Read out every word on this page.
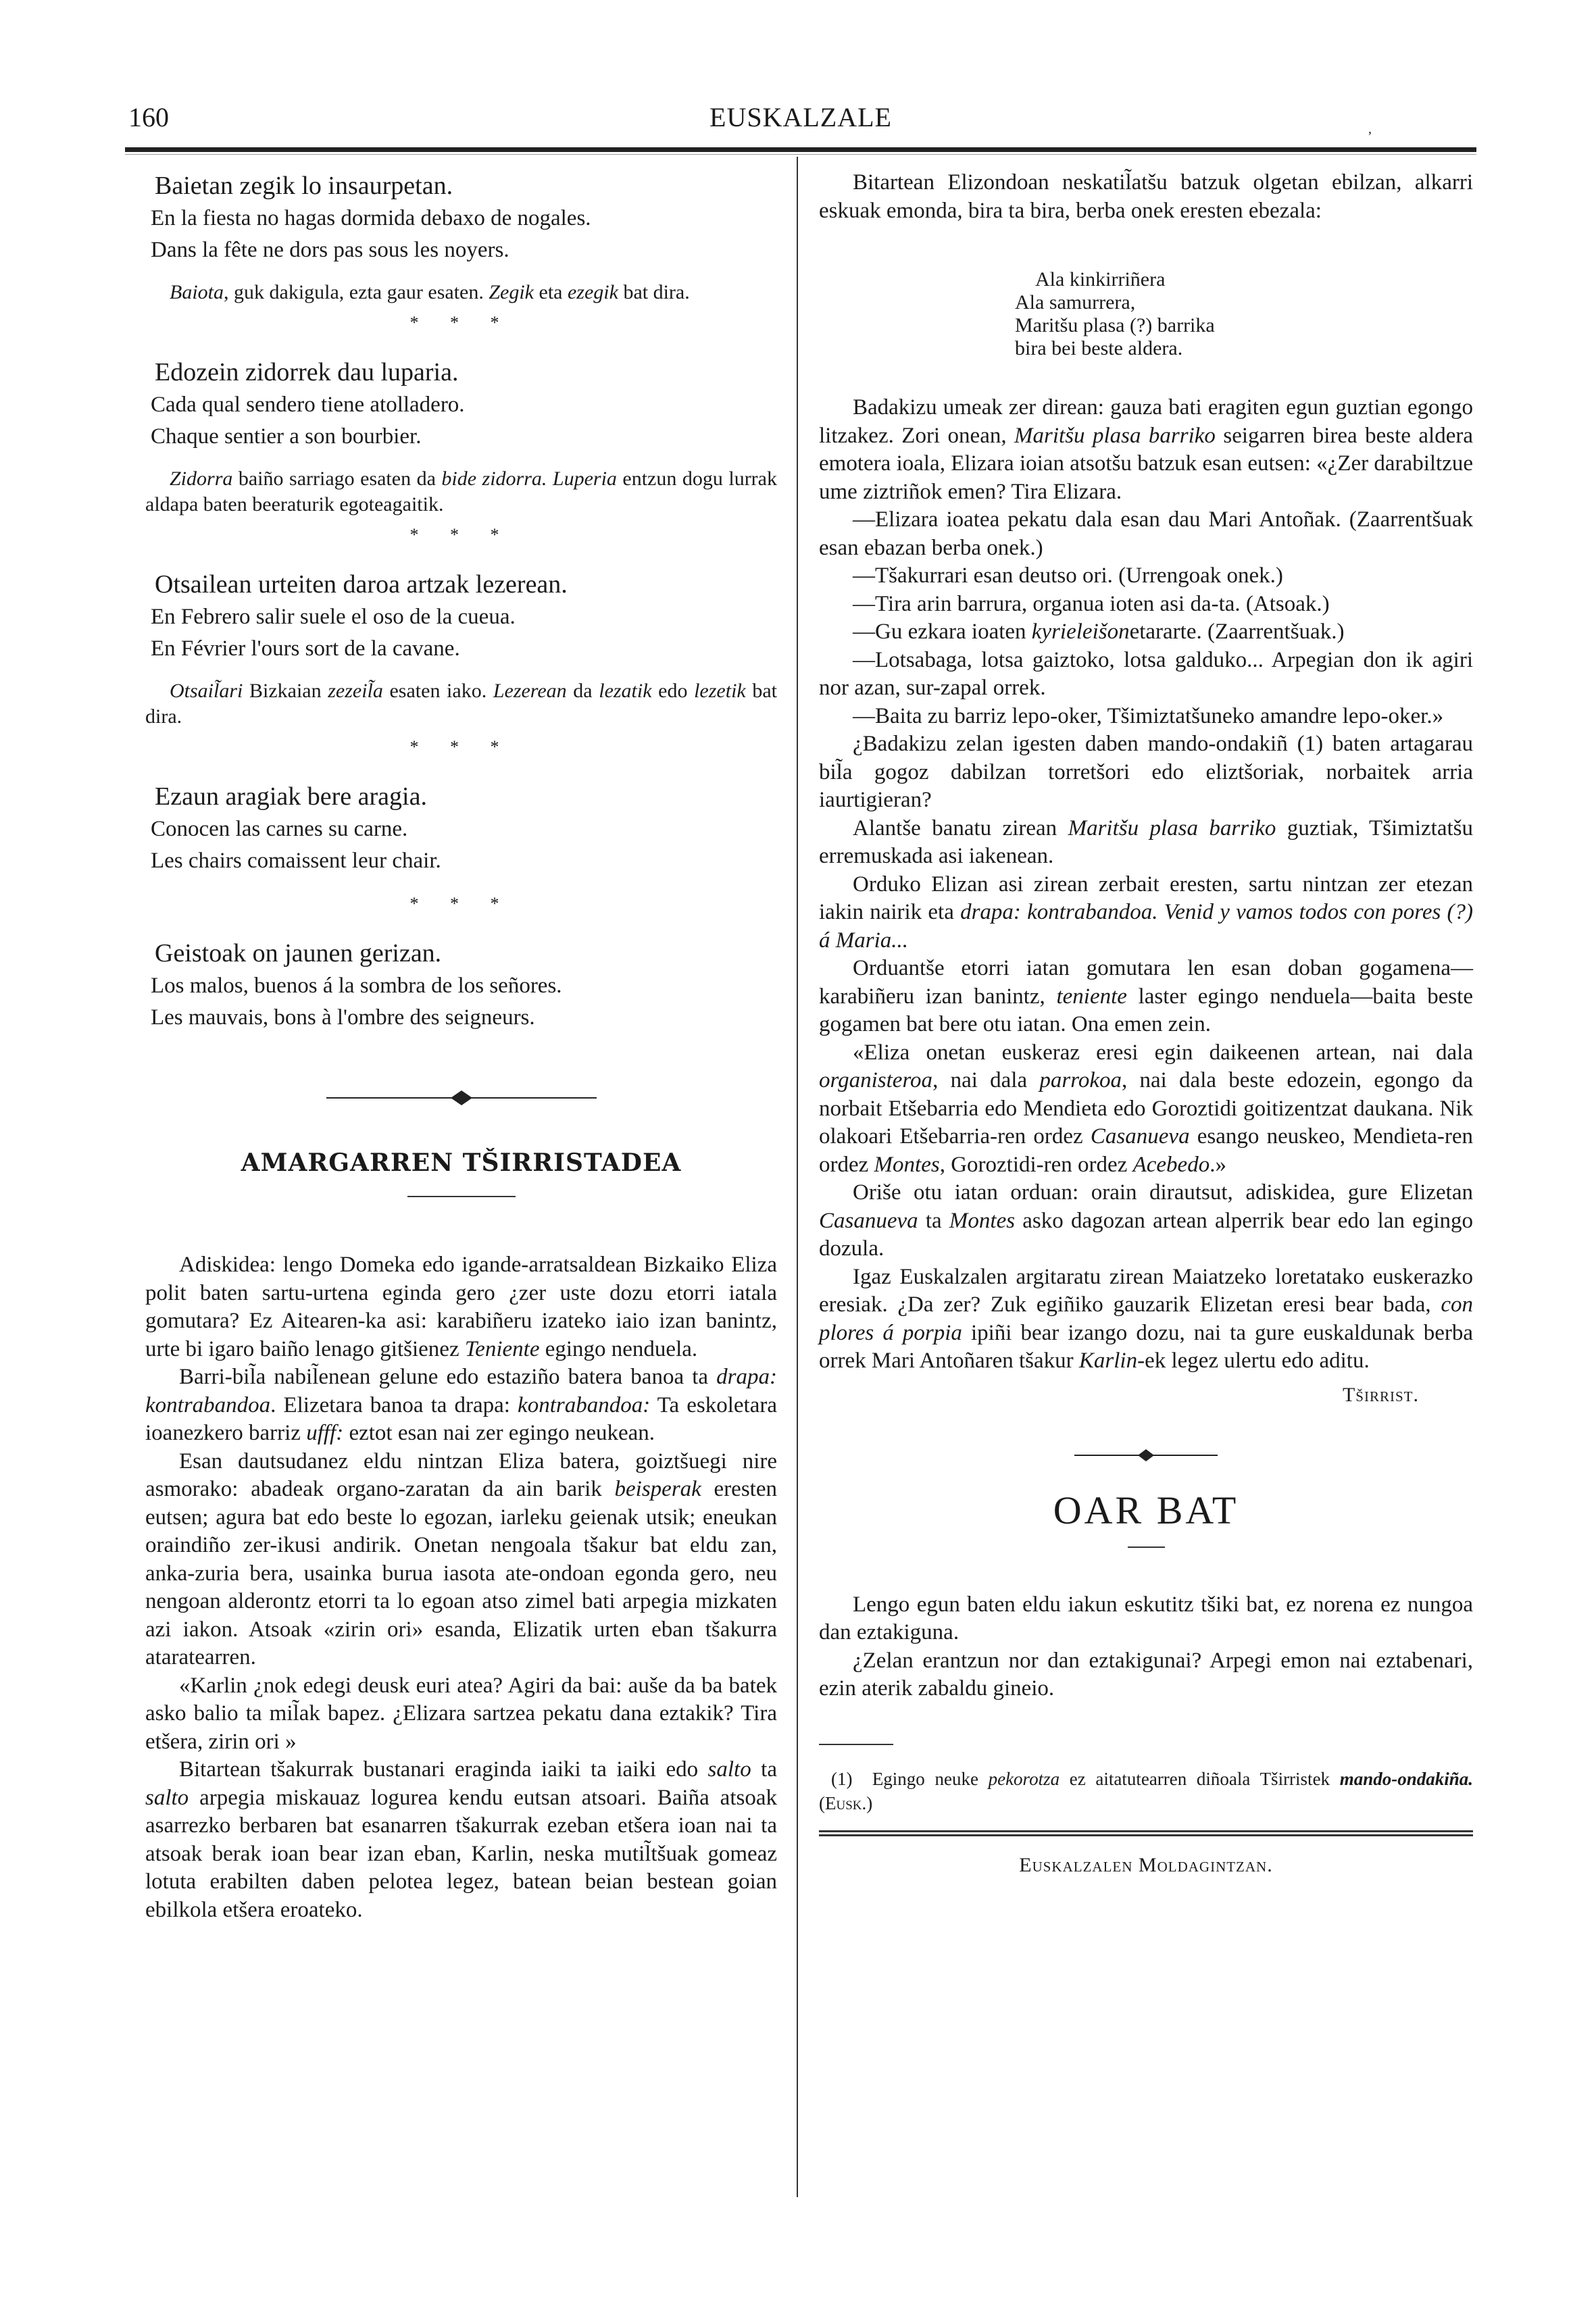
160	EUSKALZALE	,

Baietan zegik lo insaurpetan.

En la fiesta no hagas dormida debaxo de nogales.

Dans la fête ne dors pas sous les noyers.

Baiota, guk dakigula, ezta gaur esaten. Zegik eta ezegik bat dira.

* * *

Edozein zidorrek dau luparia.

Cada qual sendero tiene atolladero.

Chaque sentier a son bourbier.

Zidorra baiño sarriago esaten da bide zidorra. Luperia entzun dogu lurrak aldapa baten beeraturik egoteagaitik.

* * *

Otsailean urteiten daroa artzak lezerean.

En Febrero salir suele el oso de la cueua.

En Février l'ours sort de la cavane.

Otsail̃ari Bizkaian zezeil̃a esaten iako. Lezerean da lezatik edo lezetik bat dira.

* * *

Ezaun aragiak bere aragia.

Conocen las carnes su carne.

Les chairs comaissent leur chair.

* * *

Geistoak on jaunen gerizan.

Los malos, buenos á la sombra de los señores.

Les mauvais, bons à l'ombre des seigneurs.

AMARGARREN TŠIRRISTADEA

Adiskidea: lengo Domeka edo igande-arratsaldean Bizkaiko Eliza polit baten sartu-urtena eginda gero ¿zer uste dozu etorri iatala gomutara? Ez Aitearen-ka asi: karabiñeru izateko iaio izan banintz, urte bi igaro baiño lenago gitšienez Teniente egingo nenduela.

Barri-bil̃a nabil̃enean gelune edo estaziño batera banoa ta drapa: kontrabandoa. Elizetara banoa ta drapa: kontrabandoa: Ta eskoletara ioanezkero barriz ufff: eztot esan nai zer egingo neukean.

Esan dautsudanez eldu nintzan Eliza batera, goiztšuegi nire asmorako: abadeak organo-zaratan da ain barik beisperak eresten eutsen; agura bat edo beste lo egozan, iarleku geienak utsik; eneukan oraindiño zer-ikusi andirik. Onetan nengoala tšakur bat eldu zan, anka-zuria bera, usainka burua iasota ate-ondoan egonda gero, neu nengoan alderontz etorri ta lo egoan atso zimel bati arpegia mizkaten azi iakon. Atsoak «zirin ori» esanda, Elizatik urten eban tšakurra ataratearren.

«Karlin ¿nok edegi deusk euri atea? Agiri da bai: auše da ba batek asko balio ta mil̃ak bapez. ¿Elizara sartzea pekatu dana eztakik? Tira etšera, zirin ori »

Bitartean tšakurrak bustanari eraginda iaiki ta iaiki edo salto ta salto arpegia miskauaz logurea kendu eutsan atsoari. Baiña atsoak asarrezko berbaren bat esanarren tšakurrak ezeban etšera ioan nai ta atsoak berak ioan bear izan eban, Karlin, neska mutil̃tšuak gomeaz lotuta erabilten daben pelotea legez, batean beian bestean goian ebilkola etšera eroateko.

Bitartean Elizondoan neskatil̃atšu batzuk olgetan ebilzan, alkarri eskuak emonda, bira ta bira, berba onek eresten ebezala:

Ala kinkirriñera

Ala samurrera,

Maritšu plasa (?) barrika

bira bei beste aldera.

Badakizu umeak zer direan: gauza bati eragiten egun guztian egongo litzakez. Zori onean, Maritšu plasa barriko seigarren birea beste aldera emotera ioala, Elizara ioian atsotšu batzuk esan eutsen: «¿Zer darabiltzue ume ziztriñok emen? Tira Elizara.

—Elizara ioatea pekatu dala esan dau Mari Antoñak. (Zaarrentšuak esan ebazan berba onek.)

—Tšakurrari esan deutso ori. (Urrengoak onek.)

—Tira arin barrura, organua ioten asi da-ta. (Atsoak.)

—Gu ezkara ioaten kyrieleišonetararte. (Zaarrentšuak.)

—Lotsabaga, lotsa gaiztoko, lotsa galduko... Arpegian don ik agiri nor azan, sur-zapal orrek.

—Baita zu barriz lepo-oker, Tšimiztatšuneko amandre lepo-oker.»

¿Badakizu zelan igesten daben mando-ondakiñ (1) baten artagarau bil̃a gogoz dabilzan torretšori edo eliztšoriak, norbaitek arria iaurtigieran?

Alantše banatu zirean Maritšu plasa barriko guztiak, Tšimiztatšu erremuskada asi iakenean.

Orduko Elizan asi zirean zerbait eresten, sartu nintzan zer etezan iakin nairik eta drapa: kontrabandoa. Venid y vamos todos con pores (?) á Maria...

Orduantše etorri iatan gomutara len esan doban gogamena—karabiñeru izan banintz, teniente laster egingo nenduela—baita beste gogamen bat bere otu iatan. Ona emen zein.

«Eliza onetan euskeraz eresi egin daikeenen artean, nai dala organisteroa, nai dala parrokoa, nai dala beste edozein, egongo da norbait Etšebarria edo Mendieta edo Goroztidi goitizentzat daukana. Nik olakoari Etšebarria-ren ordez Casanueva esango neuskeo, Mendieta-ren ordez Montes, Goroztidi-ren ordez Acebedo.»

Oriše otu iatan orduan: orain dirautsut, adiskidea, gure Elizetan Casanueva ta Montes asko dagozan artean alperrik bear edo lan egingo dozula.

Igaz Euskalzalen argitaratu zirean Maiatzeko loretatako euskerazko eresiak. ¿Da zer? Zuk egiñiko gauzarik Elizetan eresi bear bada, con plores á porpia ipiñi bear izango dozu, nai ta gure euskaldunak berba orrek Mari Antoñaren tšakur Karlin-ek legez ulertu edo aditu.

Tširrist.

OAR BAT

Lengo egun baten eldu iakun eskutitz tšiki bat, ez norena ez nungoa dan eztakiguna.

¿Zelan erantzun nor dan eztakigunai? Arpegi emon nai eztabenari, ezin aterik zabaldu gineio.

(1) Egingo neuke pekorotza ez aitatutearren diñoala Tširristek mando-ondakiña. (Eusk.)

Euskalzalen Moldagintzan.
